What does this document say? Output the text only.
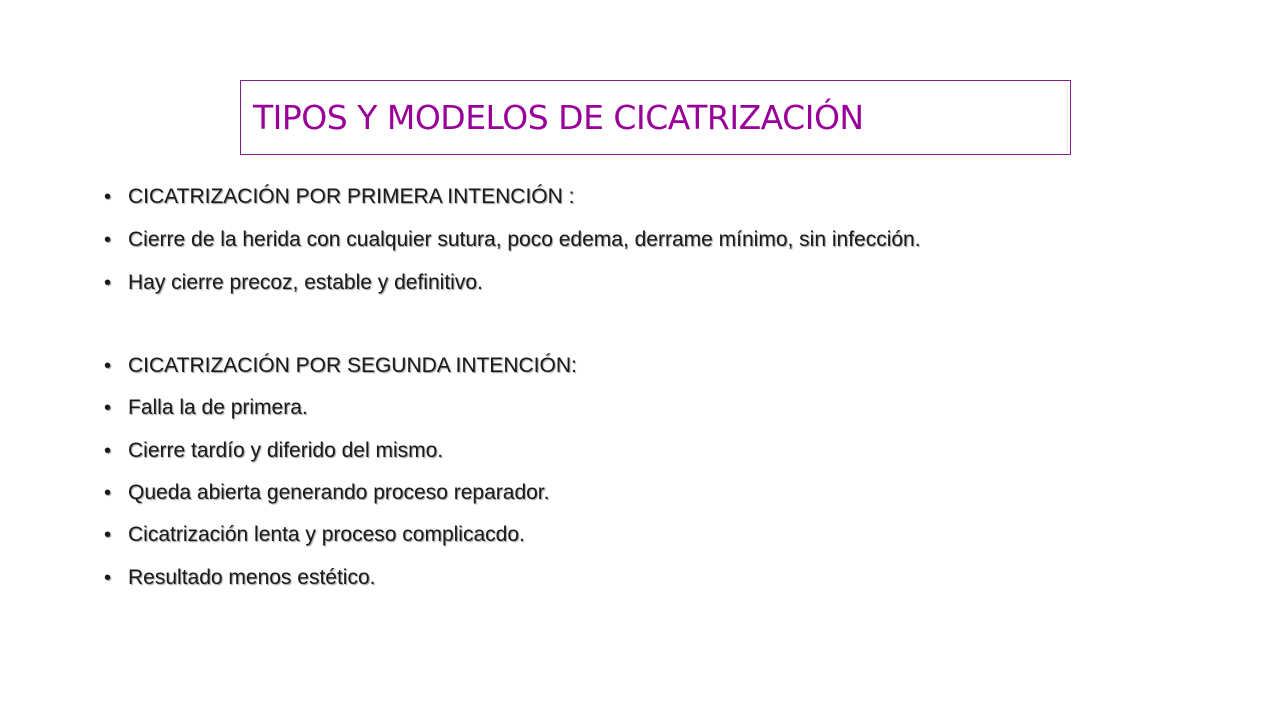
TIPOS Y MODELOS DE CICATRIZACIÓN
• CICATRIZACIÓN POR PRIMERA INTENCIÓN :
• Cierre de la herida con cualquier sutura, poco edema, derrame mínimo, sin infección.
• Hay cierre precoz, estable y definitivo.
• CICATRIZACIÓN POR SEGUNDA INTENCIÓN:
• Falla la de primera.
• Cierre tardío y diferido del mismo.
• Queda abierta generando proceso reparador.
• Cicatrización lenta y proceso complicacdo.
• Resultado menos estético.
